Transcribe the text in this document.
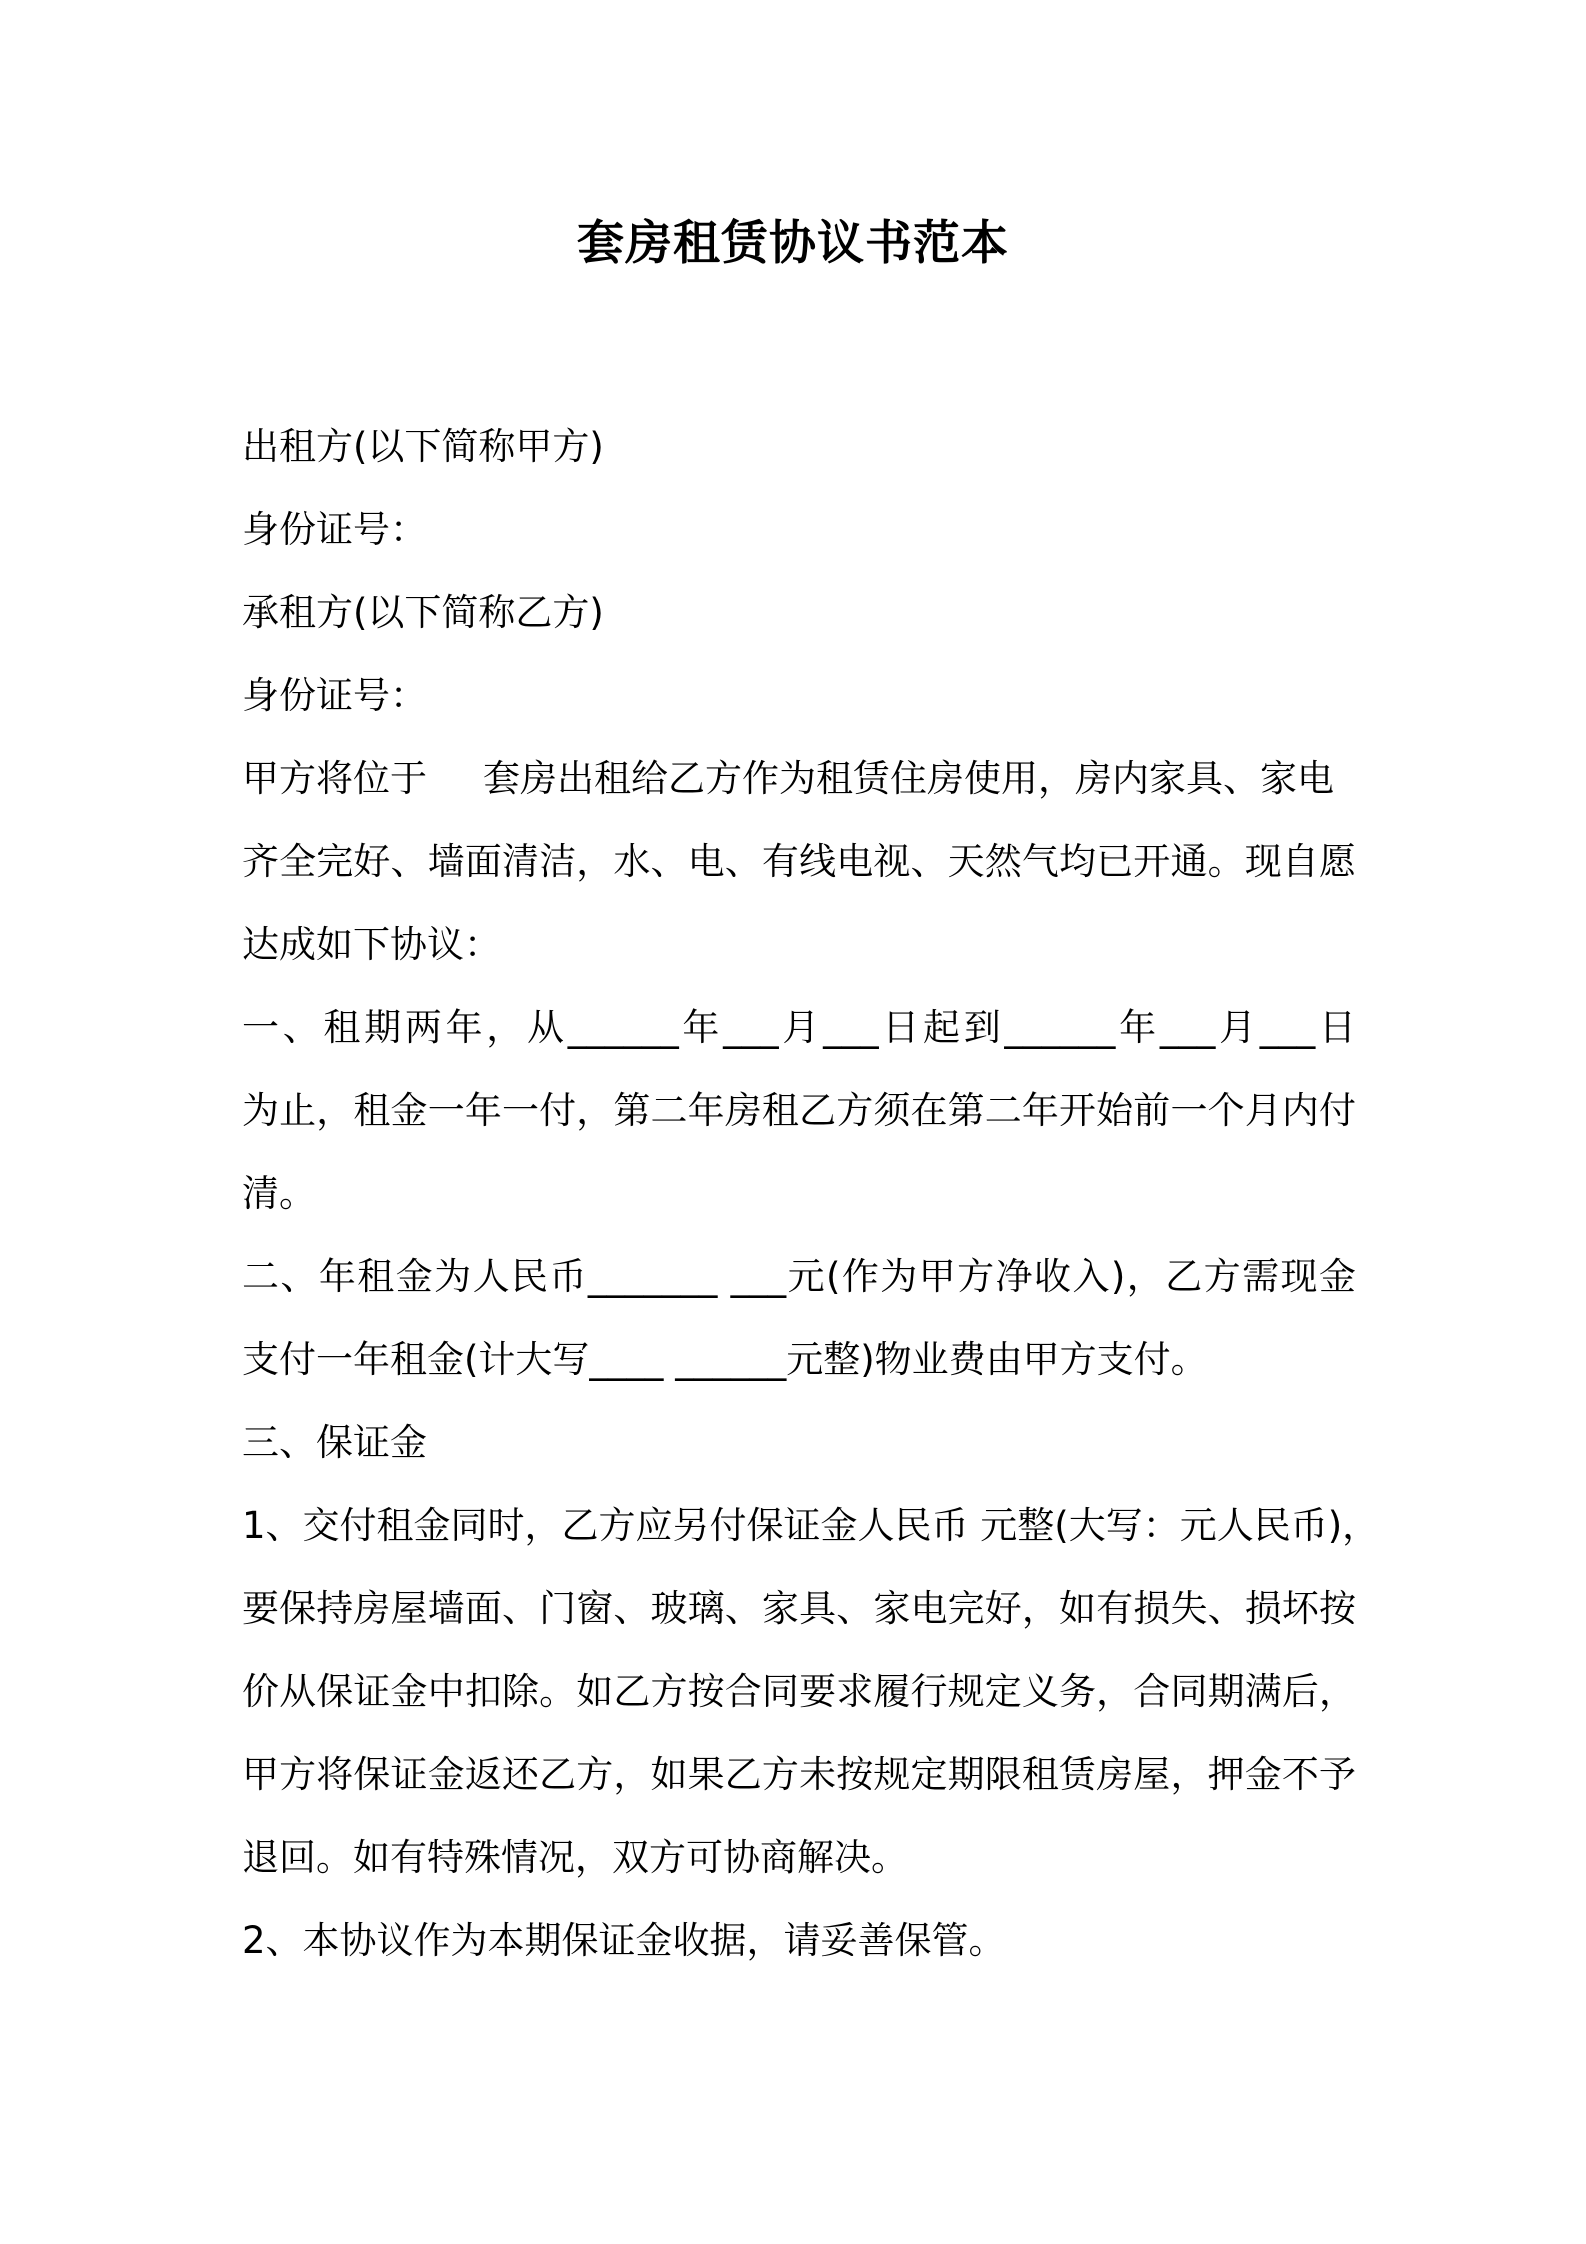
套房租赁协议书范本
出租方(以下简称甲方)
身份证号：
承租方(以下简称乙方)
身份证号：
甲方将位于 套房出租给乙方作为租赁住房使用，房内家具、家电
齐全完好、墙面清洁，水、电、有线电视、天然气均已开通。现自愿
达成如下协议：
一、租期两年，从______年___月___日起到______年___月___日
为止，租金一年一付，第二年房租乙方须在第二年开始前一个月内付
清。
二、年租金为人民币_______ ___元(作为甲方净收入)，乙方需现金
支付一年租金(计大写____ ______元整)物业费由甲方支付。
三、保证金
1、交付租金同时，乙方应另付保证金人民币 元整(大写：元人民币)，
要保持房屋墙面、门窗、玻璃、家具、家电完好，如有损失、损坏按
价从保证金中扣除。如乙方按合同要求履行规定义务，合同期满后，
甲方将保证金返还乙方，如果乙方未按规定期限租赁房屋，押金不予
退回。如有特殊情况，双方可协商解决。
2、本协议作为本期保证金收据，请妥善保管。
